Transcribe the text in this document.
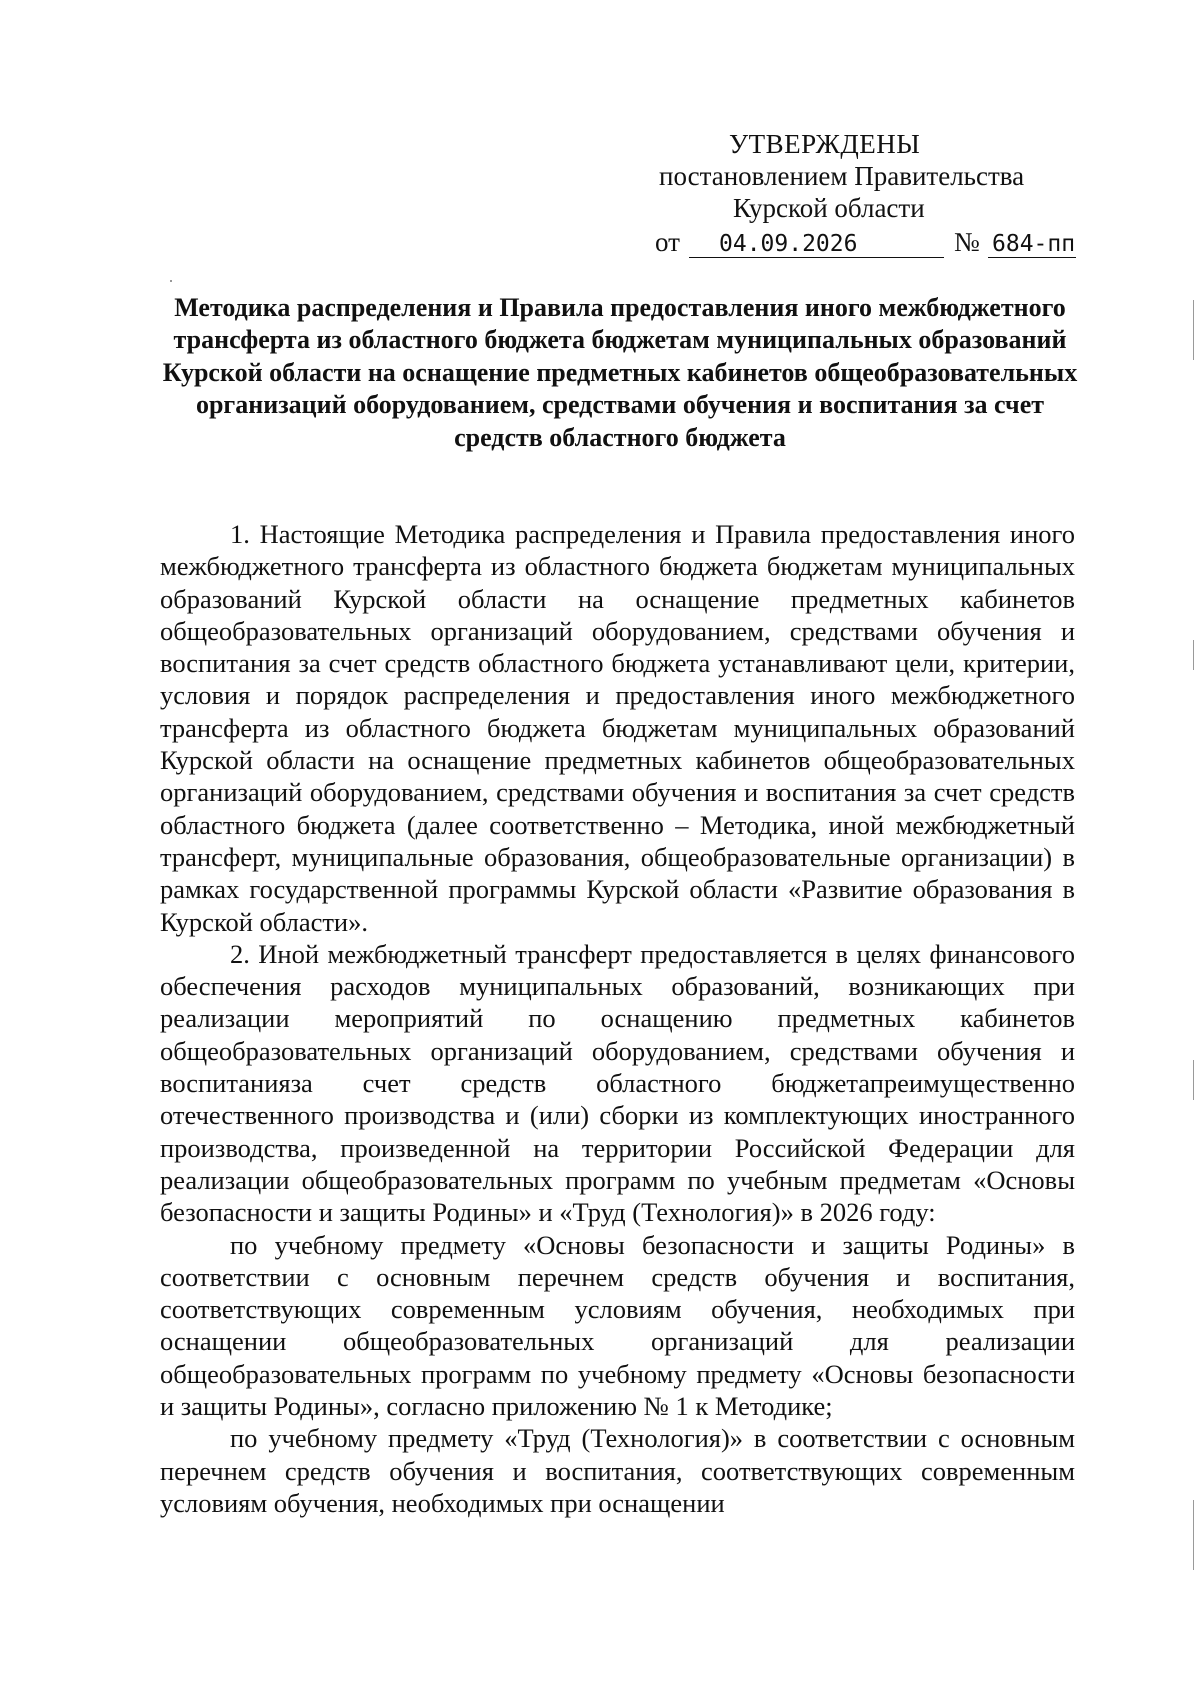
УТВЕРЖДЕНЫ
постановлением Правительства
Курской области
от 04.09.2026	№ 684-пп
Методика распределения и Правила предоставления иного межбюджетного трансферта из областного бюджета бюджетам муниципальных образований Курской области на оснащение предметных кабинетов общеобразовательных организаций оборудованием, средствами обучения и воспитания за счет средств областного бюджета

1. Настоящие Методика распределения и Правила предоставления иного межбюджетного трансферта из областного бюджета бюджетам муниципальных образований Курской области на оснащение предметных кабинетов общеобразовательных организаций оборудованием, средствами обучения и воспитания за счет средств областного бюджета устанавливают цели, критерии, условия и порядок распределения и предоставления иного межбюджетного трансферта из областного бюджета бюджетам муниципальных образований Курской области на оснащение предметных кабинетов общеобразовательных организаций оборудованием, средствами обучения и воспитания за счет средств областного бюджета (далее соответственно – Методика, иной межбюджетный трансферт, муниципальные образования, общеобразовательные организации) в рамках государственной программы Курской области «Развитие образования в Курской области».

2. Иной межбюджетный трансферт предоставляется в целях финансового обеспечения расходов муниципальных образований, возникающих при реализации мероприятий по оснащению предметных кабинетов общеобразовательных организаций оборудованием, средствами обучения и воспитанияза счет средств областного бюджетапреимущественно отечественного производства и (или) сборки из комплектующих иностранного производства, произведенной на территории Российской Федерации для реализации общеобразовательных программ по учебным предметам «Основы безопасности и защиты Родины» и «Труд (Технология)» в 2026 году:

по учебному предмету «Основы безопасности и защиты Родины» в соответствии с основным перечнем средств обучения и воспитания, соответствующих современным условиям обучения, необходимых при оснащении общеобразовательных организаций для реализации общеобразовательных программ по учебному предмету «Основы безопасности и защиты Родины», согласно приложению № 1 к Методике;

по учебному предмету «Труд (Технология)» в соответствии с основным перечнем средств обучения и воспитания, соответствующих современным условиям обучения, необходимых при оснащении
